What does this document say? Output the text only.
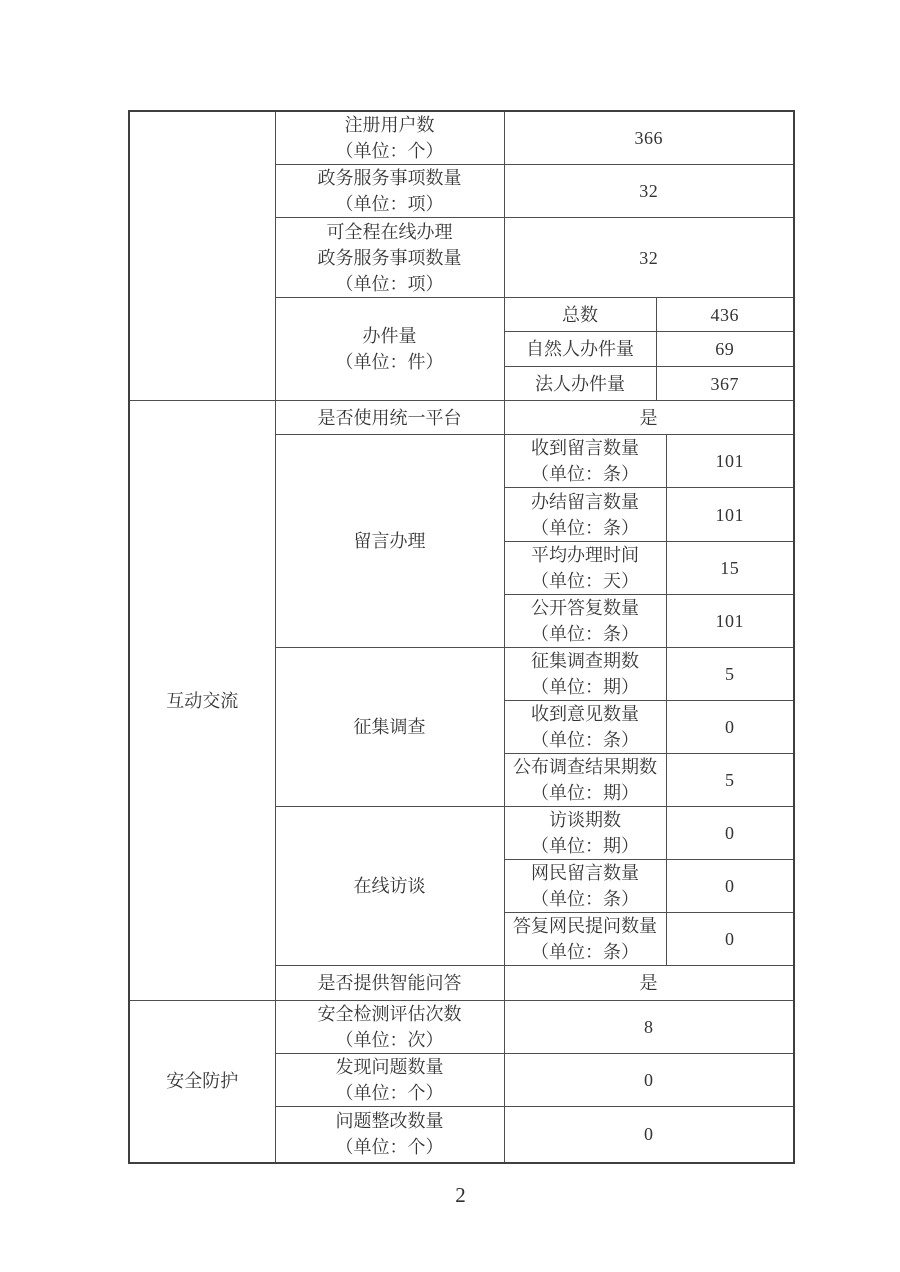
	注册用户数
（单位：个）	366		

	政务服务事项数量
（单位：项）	32		

	可全程在线办理
政务服务事项数量
（单位：项）	32		

	办件量
（单位：件）	总数	436	
		自然人办件量	69	
		法人办件量	367	
互动交流	是否使用统一平台	是		
	留言办理	收到留言数量
（单位：条）		101

		办结留言数量
（单位：条）		101

		平均办理时间
（单位：天）		15

		公开答复数量
（单位：条）		101
	征集调查	征集调查期数
（单位：期）		5

		收到意见数量
（单位：条）		0

		公布调查结果期数
（单位：期）		5
	在线访谈	访谈期数
（单位：期）		0

		网民留言数量
（单位：条）		0

		答复网民提问数量
（单位：条）		0
	是否提供智能问答	是		
安全防护	安全检测评估次数
（单位：次）	8		

	发现问题数量
（单位：个）	0		

	问题整改数量
（单位：个）	0		
2
